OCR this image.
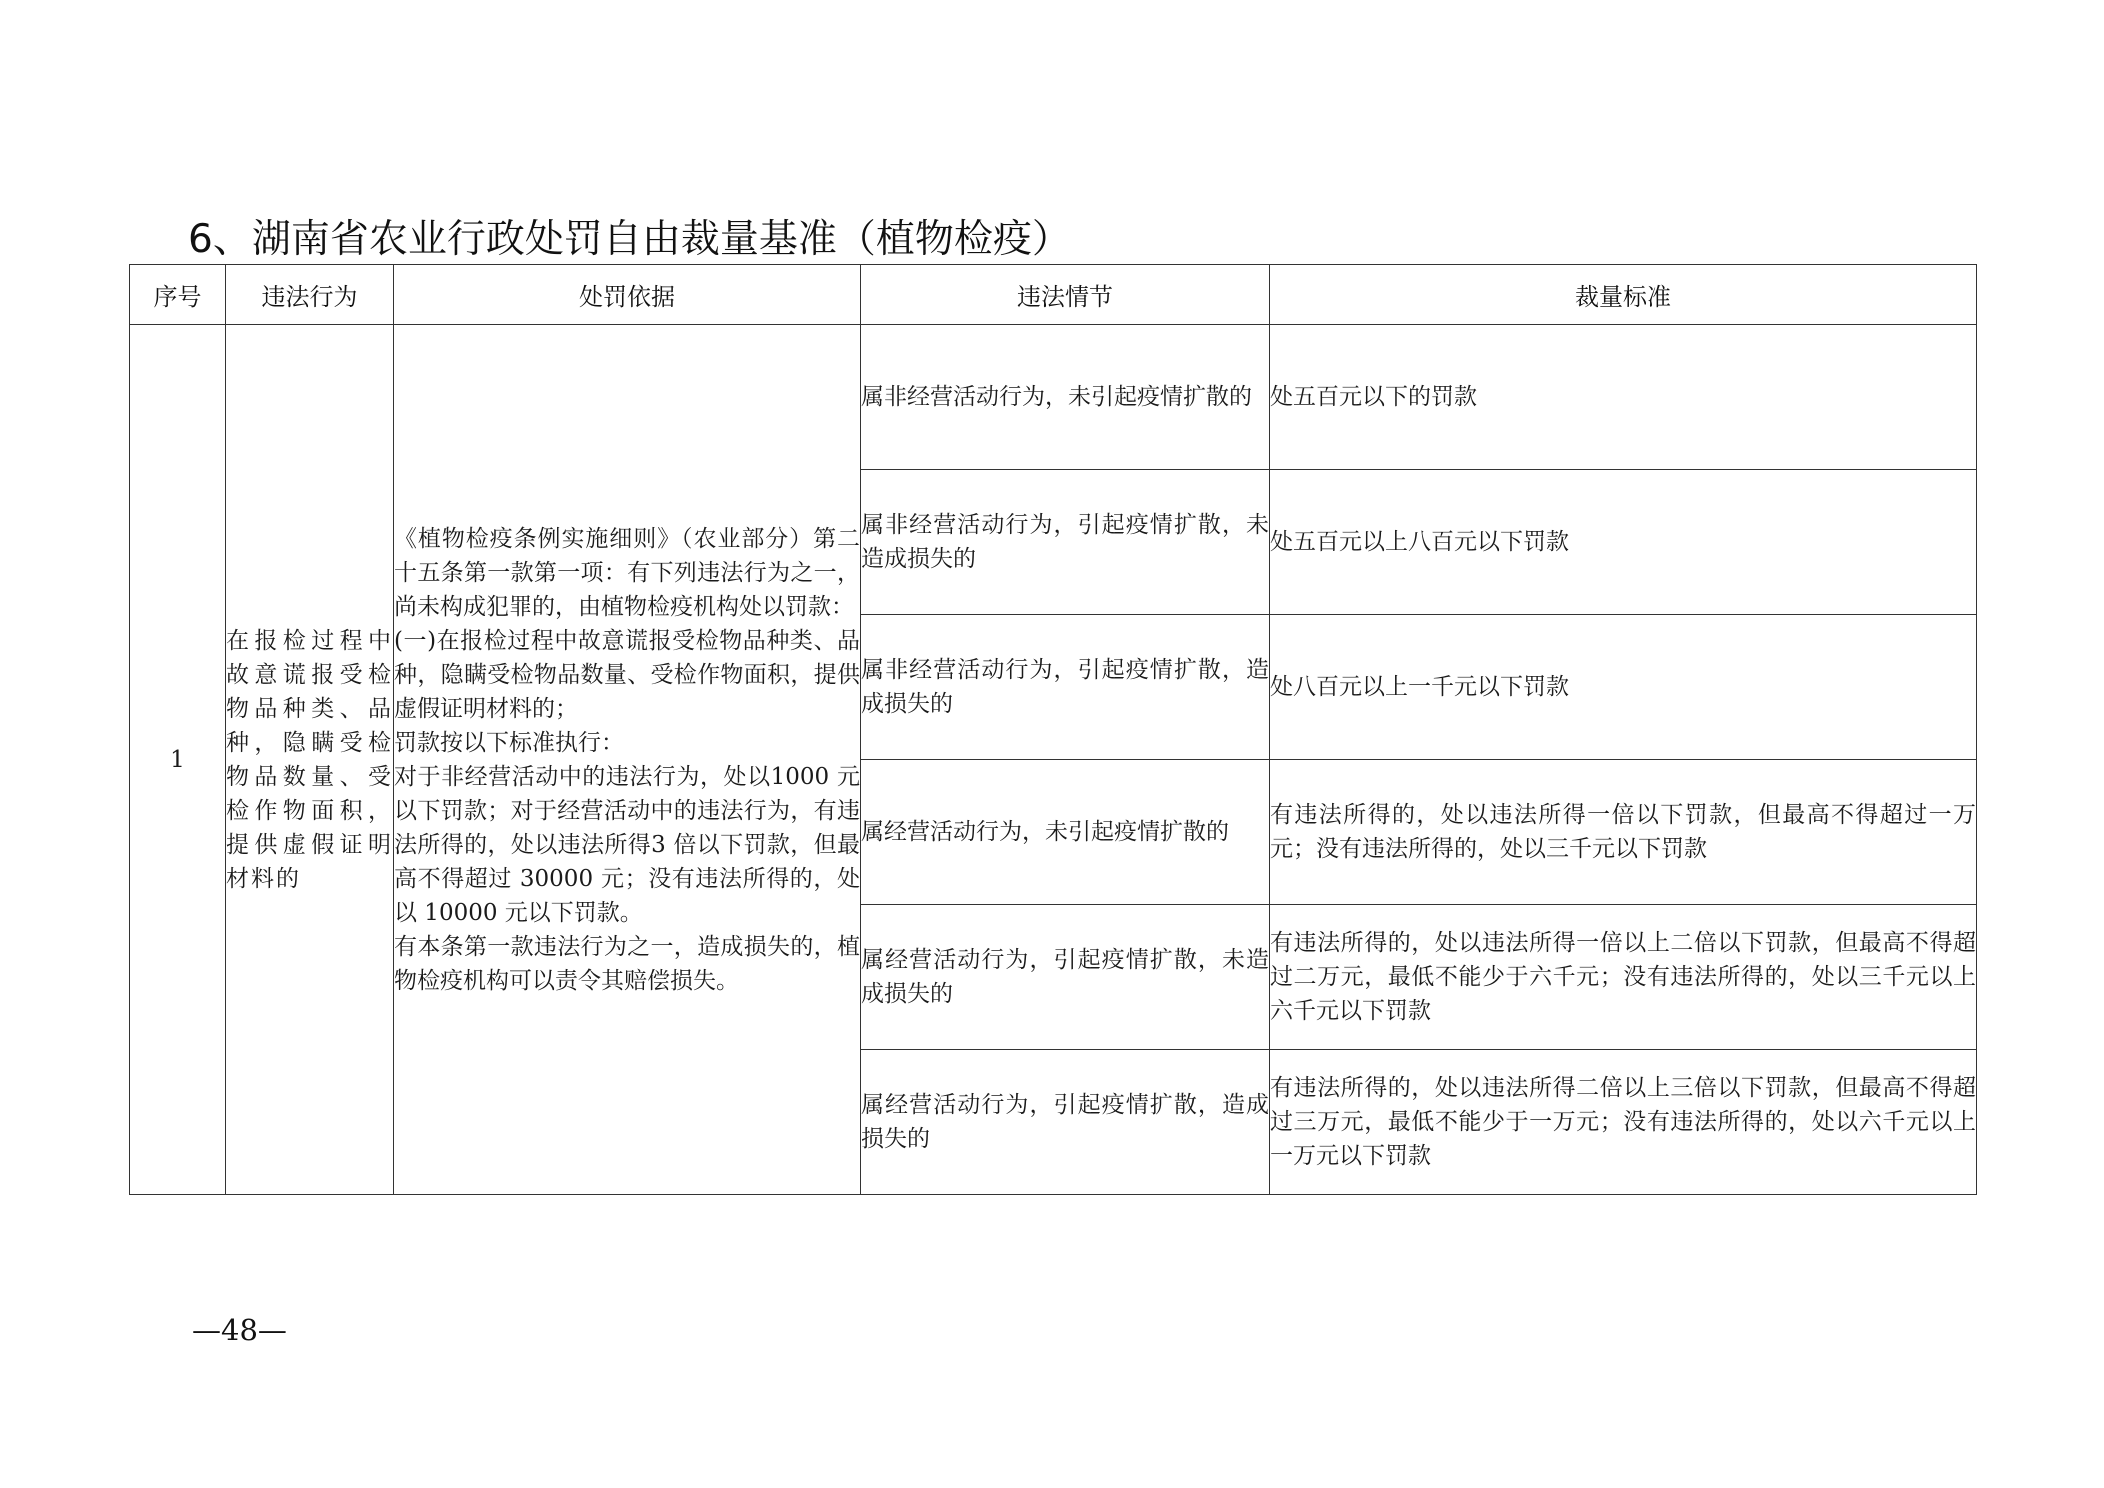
6、湖南省农业行政处罚自由裁量基准（植物检疫）
序号	违法行为	处罚依据	违法情节	裁量标准
1	在报检过程中故意谎报受检物品种类、品种，隐瞒受检物品数量、受检作物面积，提供虚假证明材料的	《植物检疫条例实施细则》（农业部分）第二十五条第一款第一项：有下列违法行为之一，尚未构成犯罪的，由植物检疫机构处以罚款：

(一)在报检过程中故意谎报受检物品种类、品种，隐瞒受检物品数量、受检作物面积，提供虚假证明材料的；

罚款按以下标准执行：

对于非经营活动中的违法行为，处以1000 元以下罚款；对于经营活动中的违法行为，有违法所得的，处以违法所得3 倍以下罚款，但最高不得超过 30000 元；没有违法所得的，处以 10000 元以下罚款。

有本条第一款违法行为之一，造成损失的，植物检疫机构可以责令其赔偿损失。	属非经营活动行为，未引起疫情扩散的	处五百元以下的罚款
			属非经营活动行为，引起疫情扩散，未造成损失的	处五百元以上八百元以下罚款
			属非经营活动行为，引起疫情扩散，造成损失的	处八百元以上一千元以下罚款
			属经营活动行为，未引起疫情扩散的	有违法所得的，处以违法所得一倍以下罚款，但最高不得超过一万元；没有违法所得的，处以三千元以下罚款
			属经营活动行为，引起疫情扩散，未造成损失的	有违法所得的，处以违法所得一倍以上二倍以下罚款，但最高不得超过二万元，最低不能少于六千元；没有违法所得的，处以三千元以上六千元以下罚款
			属经营活动行为，引起疫情扩散，造成损失的	有违法所得的，处以违法所得二倍以上三倍以下罚款，但最高不得超过三万元，最低不能少于一万元；没有违法所得的，处以六千元以上一万元以下罚款
—48—
